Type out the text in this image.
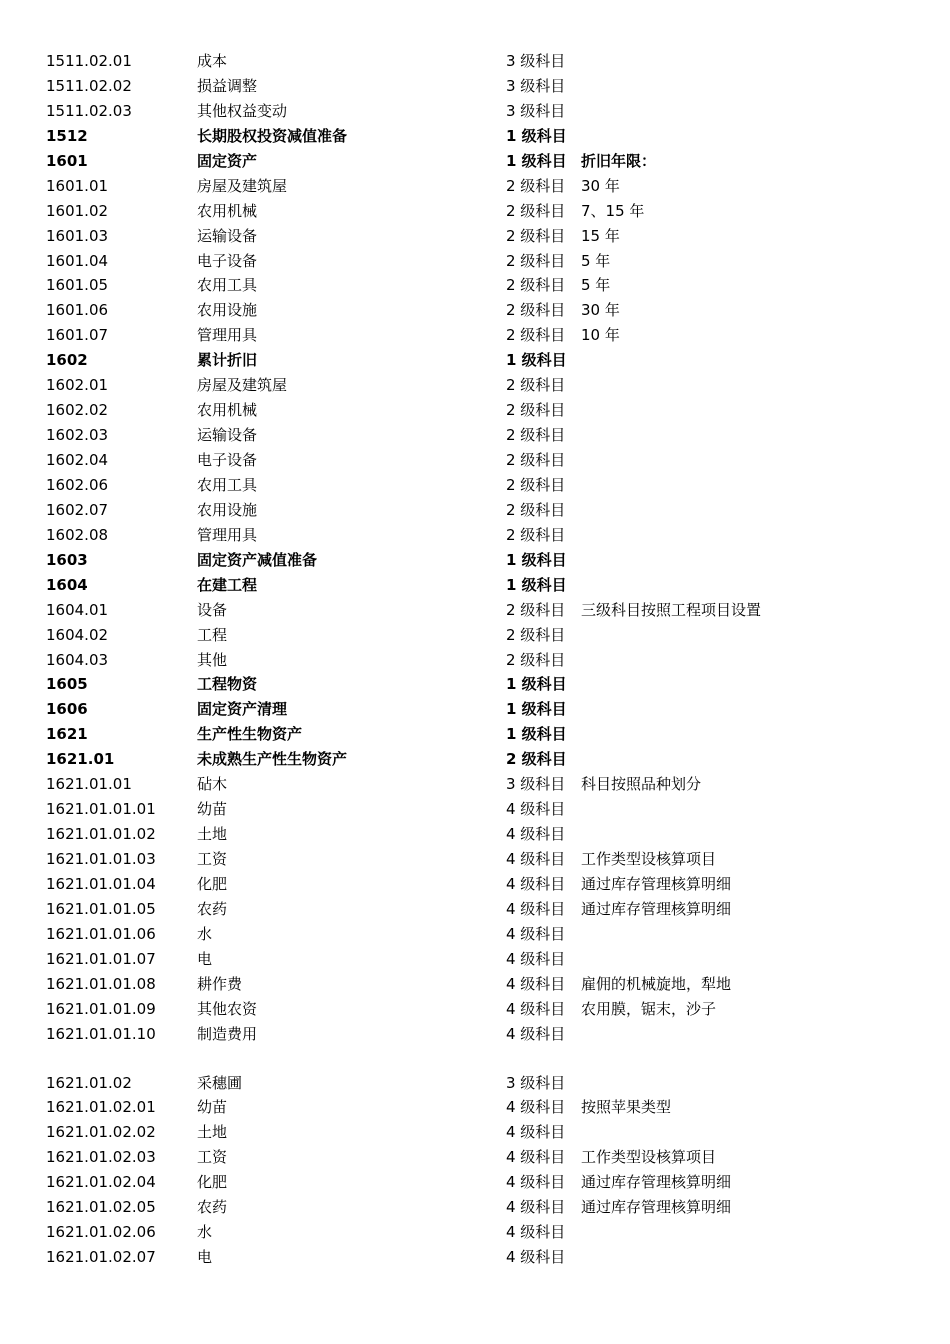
1511.02.01	成本	3 级科目
1511.02.02	损益调整	3 级科目
1511.02.03	其他权益变动	3 级科目
1512	长期股权投资减值准备	1 级科目
1601	固定资产	1 级科目 折旧年限：
1601.01	房屋及建筑屋	2 级科目 30 年
1601.02	农用机械	2 级科目 7、15 年
1601.03	运输设备	2 级科目 15 年
1601.04	电子设备	2 级科目 5 年
1601.05	农用工具	2 级科目 5 年
1601.06	农用设施	2 级科目 30 年
1601.07	管理用具	2 级科目 10 年
1602	累计折旧	1 级科目
1602.01	房屋及建筑屋	2 级科目
1602.02	农用机械	2 级科目
1602.03	运输设备	2 级科目
1602.04	电子设备	2 级科目
1602.06	农用工具	2 级科目
1602.07	农用设施	2 级科目
1602.08	管理用具	2 级科目
1603	固定资产减值准备	1 级科目
1604	在建工程	1 级科目
1604.01	设备	2 级科目 三级科目按照工程项目设置
1604.02	工程	2 级科目
1604.03	其他	2 级科目
1605	工程物资	1 级科目
1606	固定资产清理	1 级科目
1621	生产性生物资产	1 级科目
1621.01	未成熟生产性生物资产	2 级科目
1621.01.01	砧木	3 级科目 科目按照品种划分
1621.01.01.01	幼苗	4 级科目
1621.01.01.02	土地	4 级科目
1621.01.01.03	工资	4 级科目 工作类型设核算项目
1621.01.01.04	化肥	4 级科目 通过库存管理核算明细
1621.01.01.05	农药	4 级科目 通过库存管理核算明细
1621.01.01.06	水	4 级科目
1621.01.01.07	电	4 级科目
1621.01.01.08	耕作费	4 级科目 雇佣的机械旋地，犁地
1621.01.01.09	其他农资	4 级科目 农用膜，锯末，沙子
1621.01.01.10	制造费用	4 级科目
1621.01.02	采穗圃	3 级科目
1621.01.02.01	幼苗	4 级科目 按照苹果类型
1621.01.02.02	土地	4 级科目
1621.01.02.03	工资	4 级科目 工作类型设核算项目
1621.01.02.04	化肥	4 级科目 通过库存管理核算明细
1621.01.02.05	农药	4 级科目 通过库存管理核算明细
1621.01.02.06	水	4 级科目
1621.01.02.07	电	4 级科目
